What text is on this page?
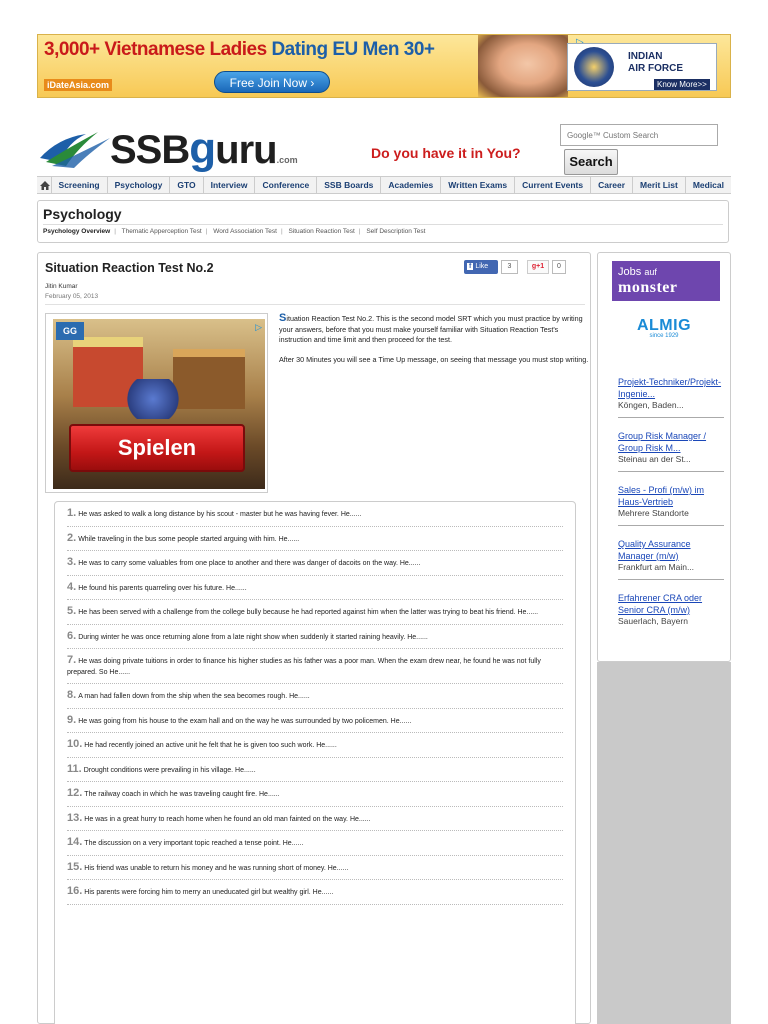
3,000+ Vietnamese Ladies Dating EU Men 30+
iDateAsia.com	Free Join Now ›
INDIAN
AIR FORCE
Know More>>
SSBguru.com	Do you have it in You?
Google™ Custom Search
Search
Screening	Psychology	GTO	Interview	Conference	SSB Boards	Academies	Written Exams	Current Events	Career	Merit List	Medical
Psychology
Psychology Overview | Thematic Apperception Test | Word Association Test | Situation Reaction Test | Self Description Test
Situation Reaction Test No.2	f Like	3	g+1	0
Jitin Kumar
February 05, 2013
GG	▷
Spielen

Situation Reaction Test No.2. This is the second model SRT which you must practice by writing your answers, before that you must make yourself familiar with Situation Reaction Test's instruction and time limit and then proceed for the test.

After 30 Minutes you will see a Time Up message, on seeing that message you must stop writing.

1. He was asked to walk a long distance by his scout - master but he was having fever. He......
2. While traveling in the bus some people started arguing with him. He......
3. He was to carry some valuables from one place to another and there was danger of dacoits on the way. He......
4. He found his parents quarreling over his future. He......
5. He has been served with a challenge from the college bully because he had reported against him when the latter was trying to beat his friend. He......
6. During winter he was once returning alone from a late night show when suddenly it started raining heavily. He......
7. He was doing private tuitions in order to finance his higher studies as his father was a poor man. When the exam drew near, he found he was not fully prepared. So He......
8. A man had fallen down from the ship when the sea becomes rough. He......
9. He was going from his house to the exam hall and on the way he was surrounded by two policemen. He......
10. He had recently joined an active unit he felt that he is given too such work. He......
11. Drought conditions were prevailing in his village. He......
12. The railway coach in which he was traveling caught fire. He......
13. He was in a great hurry to reach home when he found an old man fainted on the way. He......
14. The discussion on a very important topic reached a tense point. He......
15. His friend was unable to return his money and he was running short of money. He......
16. His parents were forcing him to merry an uneducated girl but wealthy girl. He......
Jobs auf
monster
ALMIG
since 1929
Projekt-Techniker/Projekt-Ingenie...
Köngen, Baden...
Group Risk Manager / Group Risk M...
Steinau an der St...
Sales - Profi (m/w) im Haus-Vertrieb
Mehrere Standorte
Quality Assurance Manager (m/w)
Frankfurt am Main...
Erfahrener CRA oder Senior CRA (m/w)
Sauerlach, Bayern
